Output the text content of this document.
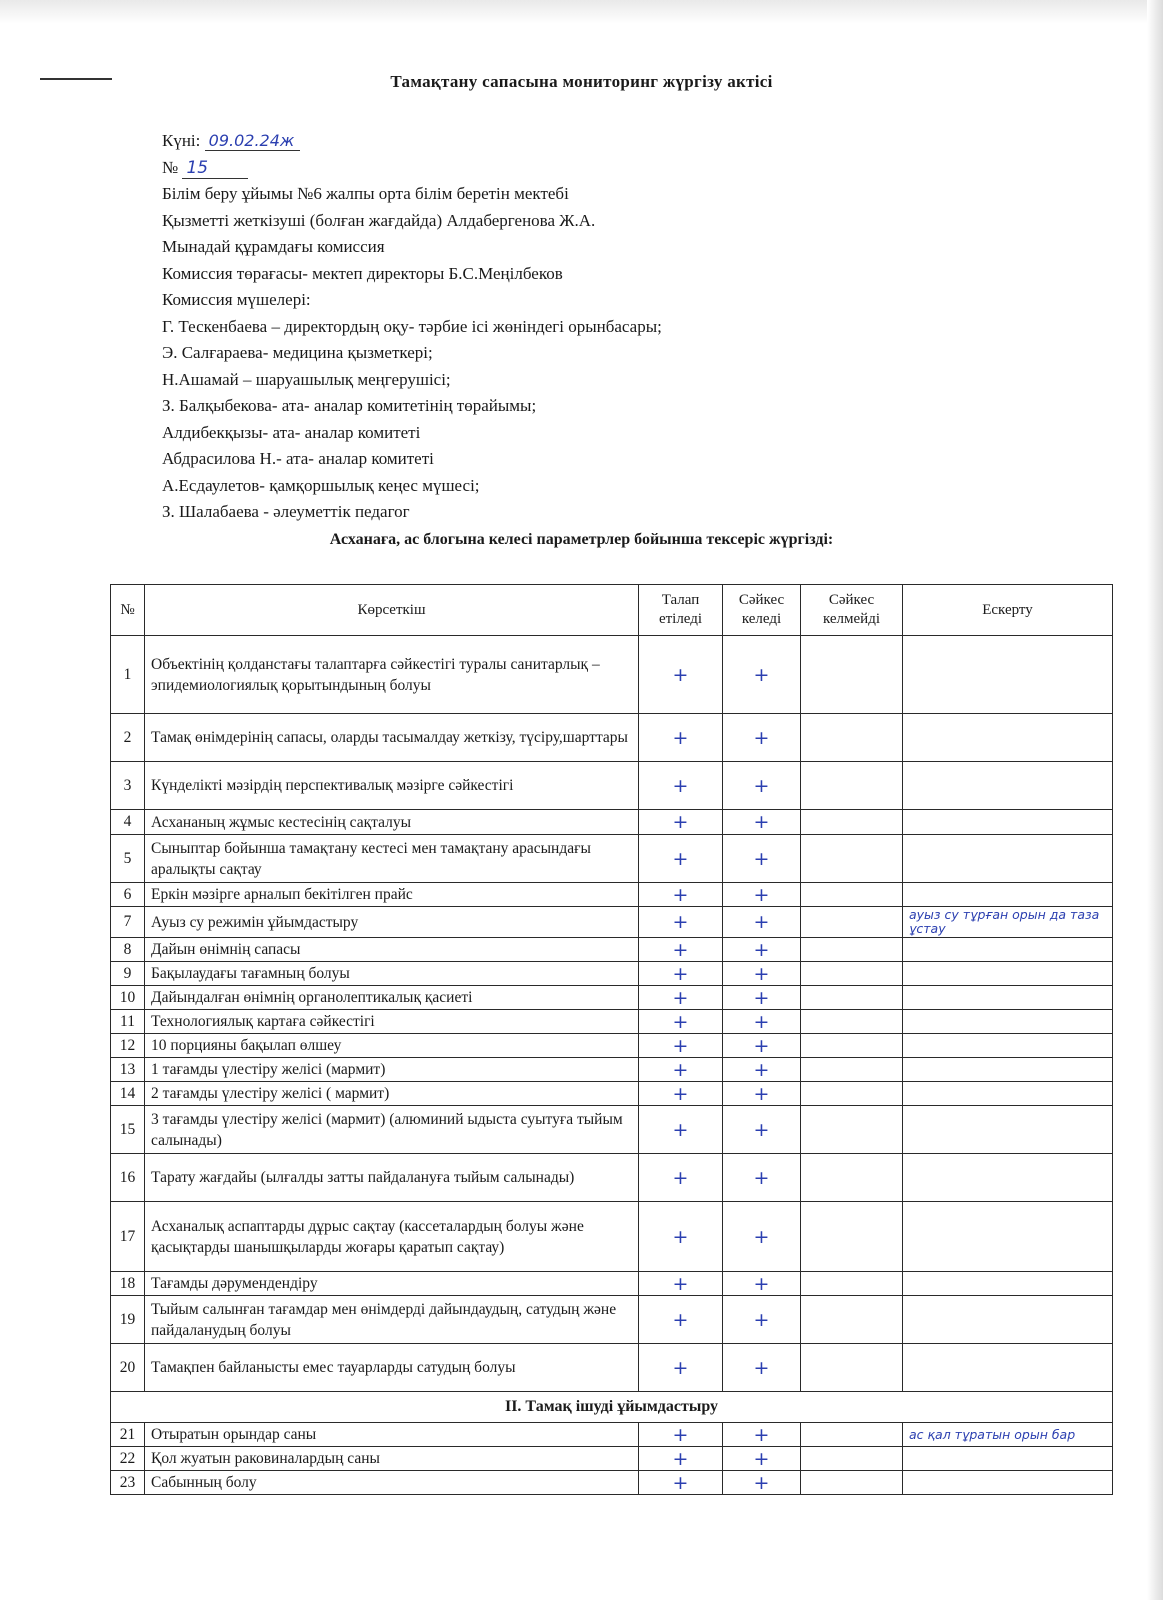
Тамақтану сапасына мониторинг жүргізу актісі
Күні: 09.02.24ж
№ 15
Білім беру ұйымы №6 жалпы орта білім беретін мектебі
Қызметті жеткізуші (болған жағдайда) Алдабергенова Ж.А.
Мынадай құрамдағы комиссия
Комиссия төрағасы- мектеп директоры Б.С.Меңілбеков
Комиссия мүшелері:
Г. Тескенбаева – директордың оқу- тәрбие ісі жөніндегі орынбасары;
Э. Салғараева- медицина қызметкері;
Н.Ашамай – шаруашылық меңгерушісі;
З. Балқыбекова- ата- аналар комитетінің төрайымы;
Алдибекқызы- ата- аналар комитеті
Абдрасилова Н.- ата- аналар комитеті
А.Есдаулетов- қамқоршылық кеңес мүшесі;
З. Шалабаева - әлеуметтік педагог
Асханаға, ас блогына келесі параметрлер бойынша тексеріс жүргізді:
№	Көрсеткіш	Талап етіледі	Сәйкес келеді	Сәйкес келмейді	Ескерту
1	Объектінің қолданстағы талаптарға сәйкестігі туралы санитарлық – эпидемиологиялық қорытындының болуы	+	+		
2	Тамақ өнімдерінің сапасы, оларды тасымалдау жеткізу, түсіру,шарттары	+	+		
3	Күнделікті мәзірдің перспективалық мәзірге сәйкестігі	+	+		
4	Асхананың жұмыс кестесінің сақталуы	+	+		
5	Сыныптар бойынша тамақтану кестесі мен тамақтану арасындағы аралықты сақтау	+	+		
6	Еркін мәзірге арналып бекітілген прайс	+	+		
7	Ауыз су режимін ұйымдастыру	+	+		ауыз су тұрған орын да таза ұстау
8	Дайын өнімнің сапасы	+	+		
9	Бақылаудағы тағамның болуы	+	+		
10	Дайындалған өнімнің органолептикалық қасиеті	+	+		
11	Технологиялық картаға сәйкестігі	+	+		
12	10 порцияны бақылап өлшеу	+	+		
13	1 тағамды үлестіру желісі (мармит)	+	+		
14	2 тағамды үлестіру желісі ( мармит)	+	+		
15	3 тағамды үлестіру желісі (мармит) (алюминий ыдыста суытуға тыйым салынады)	+	+		
16	Тарату жағдайы (ылғалды затты пайдалануға тыйым салынады)	+	+		
17	Асханалық аспаптарды дұрыс сақтау (кассеталардың болуы және қасықтарды шанышқыларды жоғары қаратып сақтау)	+	+		
18	Тағамды дәрумендендіру	+	+		
19	Тыйым салынған тағамдар мен өнімдерді дайындаудың, сатудың және пайдаланудың болуы	+	+		
20	Тамақпен байланысты емес тауарларды сатудың болуы	+	+		
ІІ. Тамақ ішуді ұйымдастыру					
21	Отыратын орындар саны	+	+		ас қал тұратын орын бар
22	Қол жуатын раковиналардың саны	+	+		
23	Сабынның болу	+	+		
